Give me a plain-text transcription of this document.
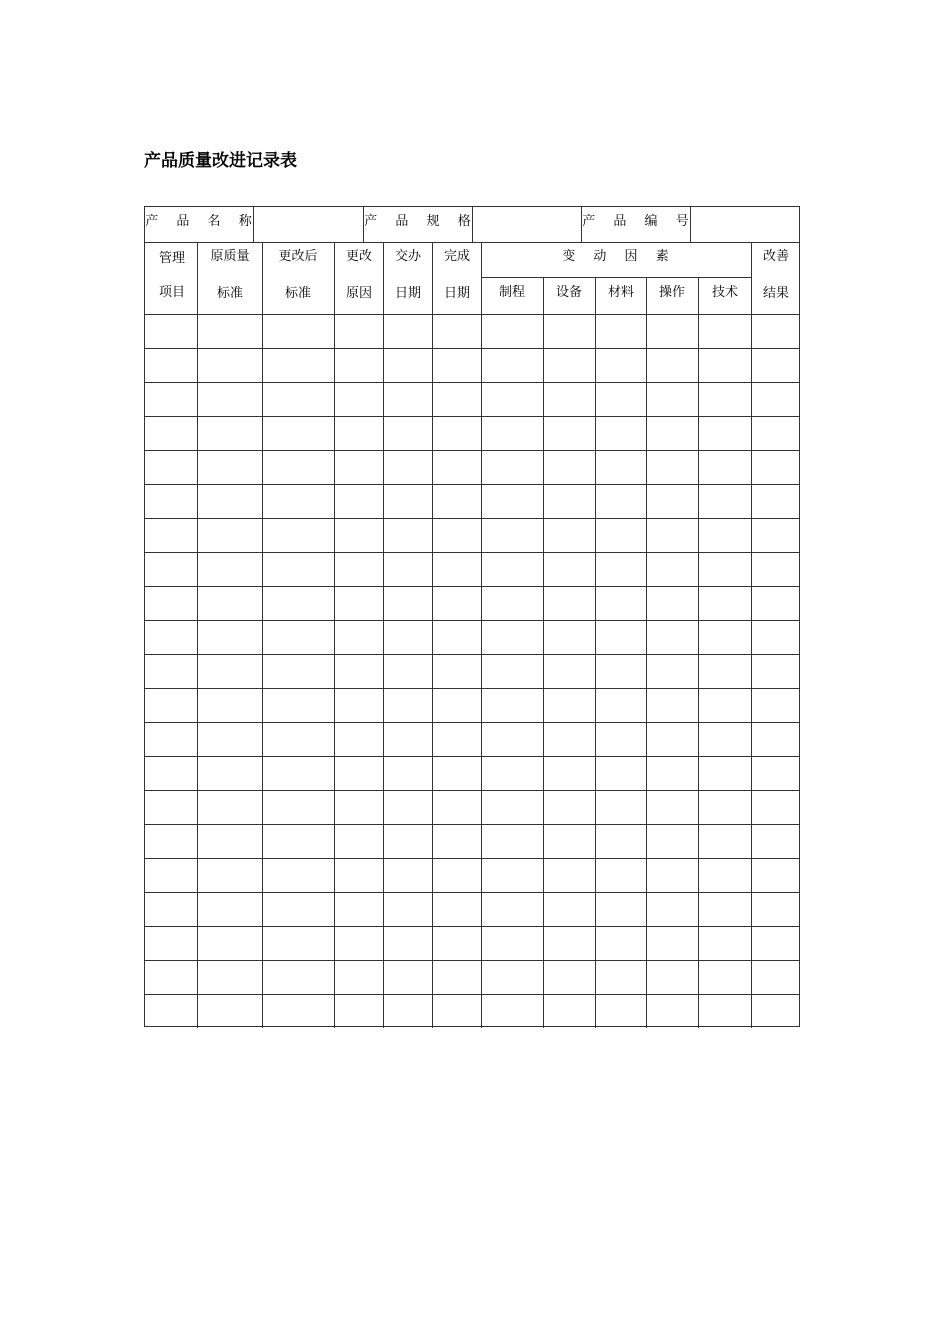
产品质量改进记录表
产 品 名 称	产 品 规 格	产 品 编 号
管理
项目
原质量
标准
更改后
标准
更改
原因
交办
日期
完成
日期
变 动 因 素
制程 设备 材料 操作 技术
改善
结果
